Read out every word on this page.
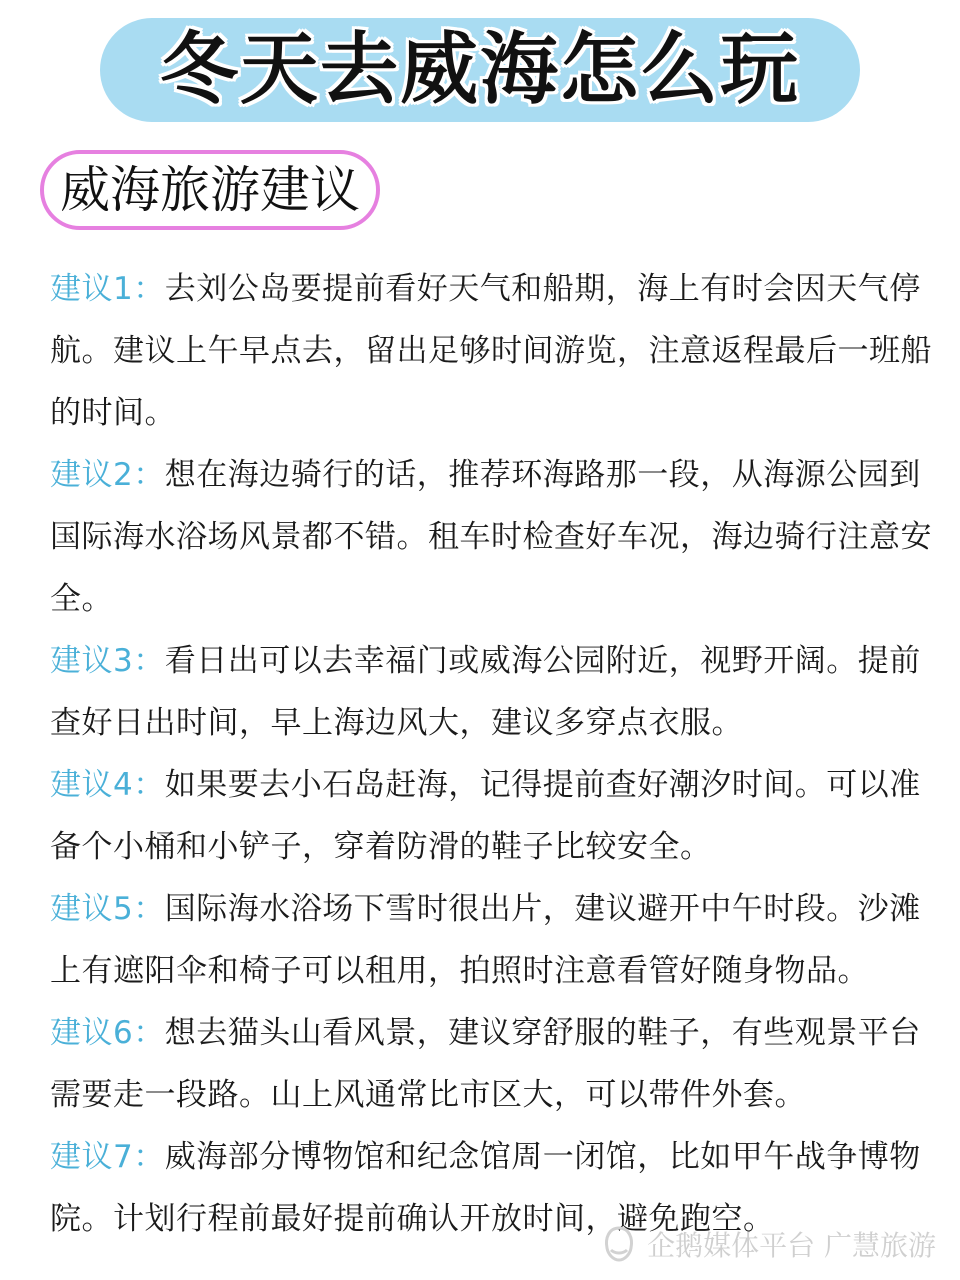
冬天去威海怎么玩
威海旅游建议

建议1：去刘公岛要提前看好天气和船期，海上有时会因天气停航。建议上午早点去，留出足够时间游览，注意返程最后一班船的时间。

建议2：想在海边骑行的话，推荐环海路那一段，从海源公园到国际海水浴场风景都不错。租车时检查好车况，海边骑行注意安全。

建议3：看日出可以去幸福门或威海公园附近，视野开阔。提前查好日出时间，早上海边风大，建议多穿点衣服。

建议4：如果要去小石岛赶海，记得提前查好潮汐时间。可以准备个小桶和小铲子，穿着防滑的鞋子比较安全。

建议5：国际海水浴场下雪时很出片，建议避开中午时段。沙滩上有遮阳伞和椅子可以租用，拍照时注意看管好随身物品。

建议6：想去猫头山看风景，建议穿舒服的鞋子，有些观景平台需要走一段路。山上风通常比市区大，可以带件外套。

建议7：威海部分博物馆和纪念馆周一闭馆，比如甲午战争博物院。计划行程前最好提前确认开放时间，避免跑空。

企鹅媒体平台 广慧旅游
